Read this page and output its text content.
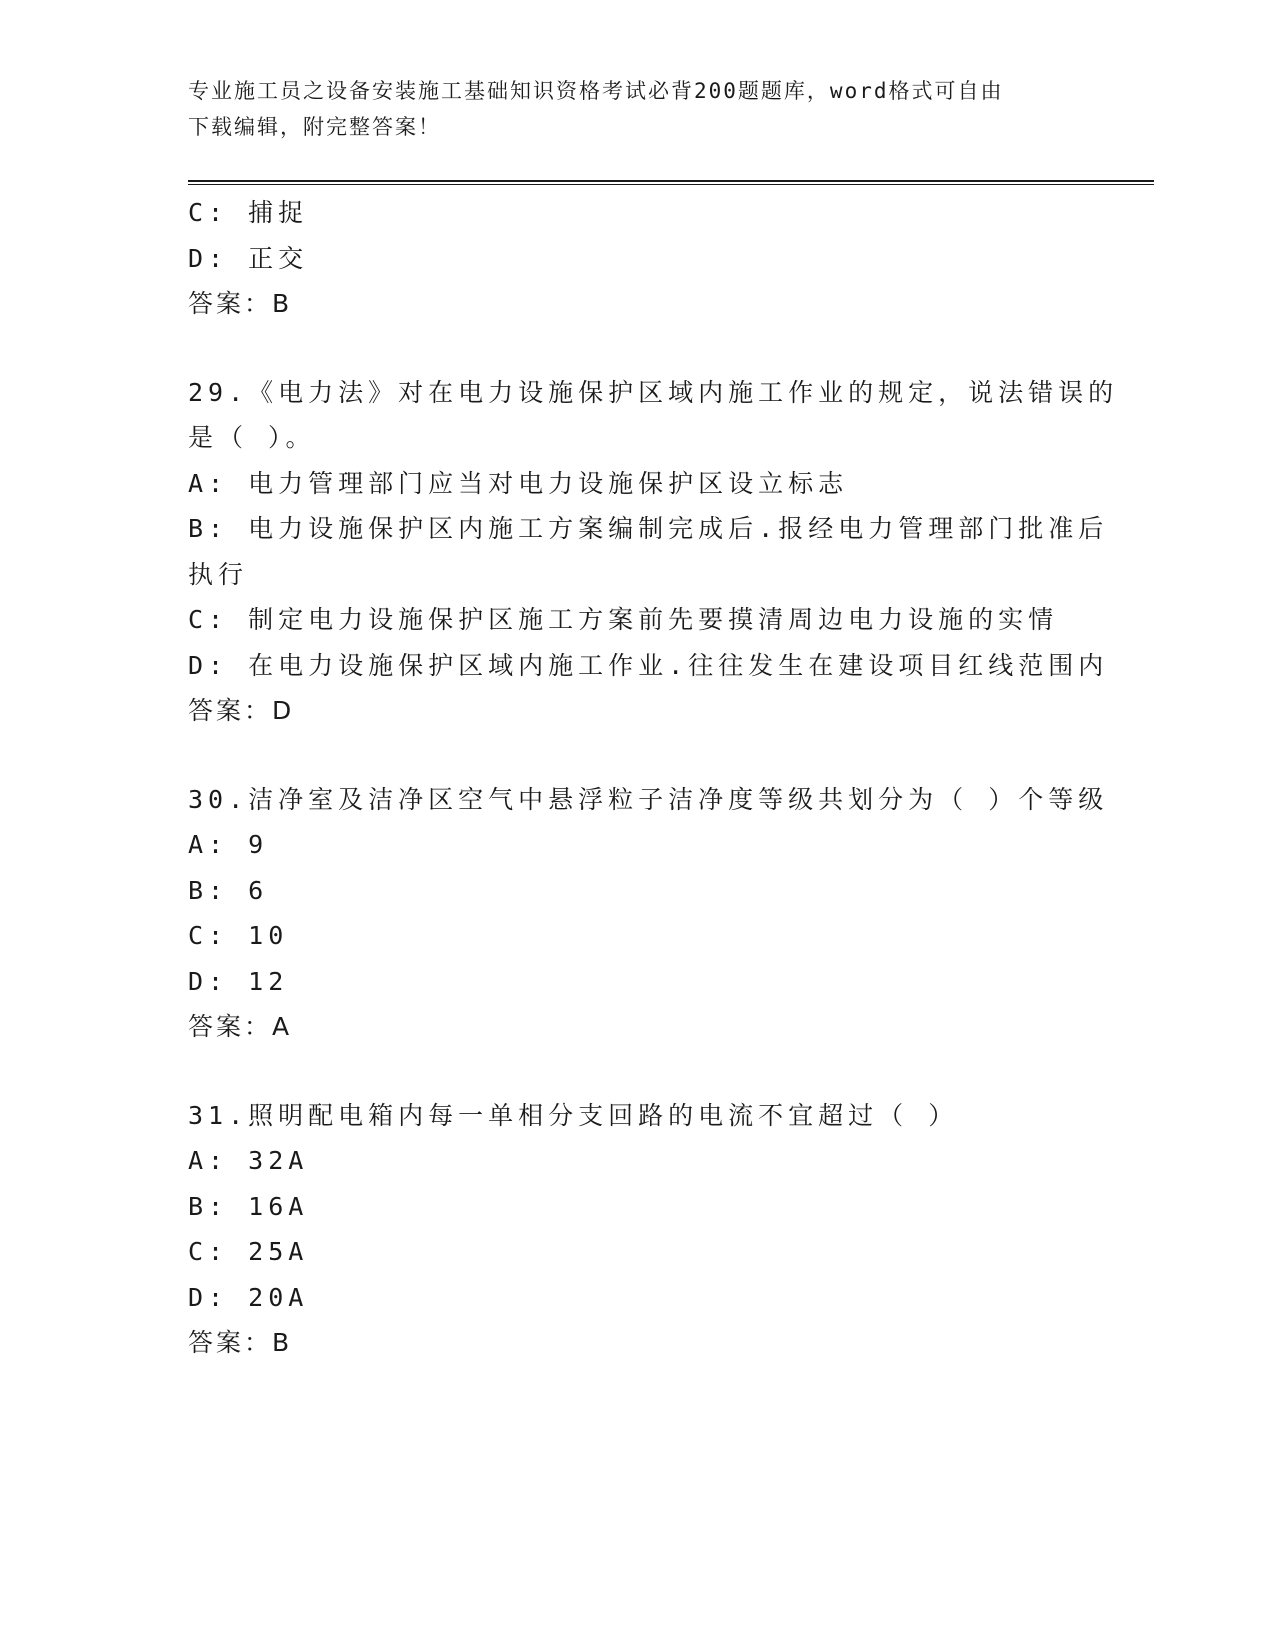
专业施工员之设备安装施工基础知识资格考试必背200题题库，word格式可自由
下载编辑，附完整答案！
C: 捕捉
D: 正交
答案：B
29.《电力法》对在电力设施保护区域内施工作业的规定，说法错误的
是（ ）。
A: 电力管理部门应当对电力设施保护区设立标志
B: 电力设施保护区内施工方案编制完成后.报经电力管理部门批准后
执行
C: 制定电力设施保护区施工方案前先要摸清周边电力设施的实情
D: 在电力设施保护区域内施工作业.往往发生在建设项目红线范围内
答案：D
30.洁净室及洁净区空气中悬浮粒子洁净度等级共划分为（ ）个等级
A: 9
B: 6
C: 10
D: 12
答案：A
31.照明配电箱内每一单相分支回路的电流不宜超过（ ）
A: 32A
B: 16A
C: 25A
D: 20A
答案：B
